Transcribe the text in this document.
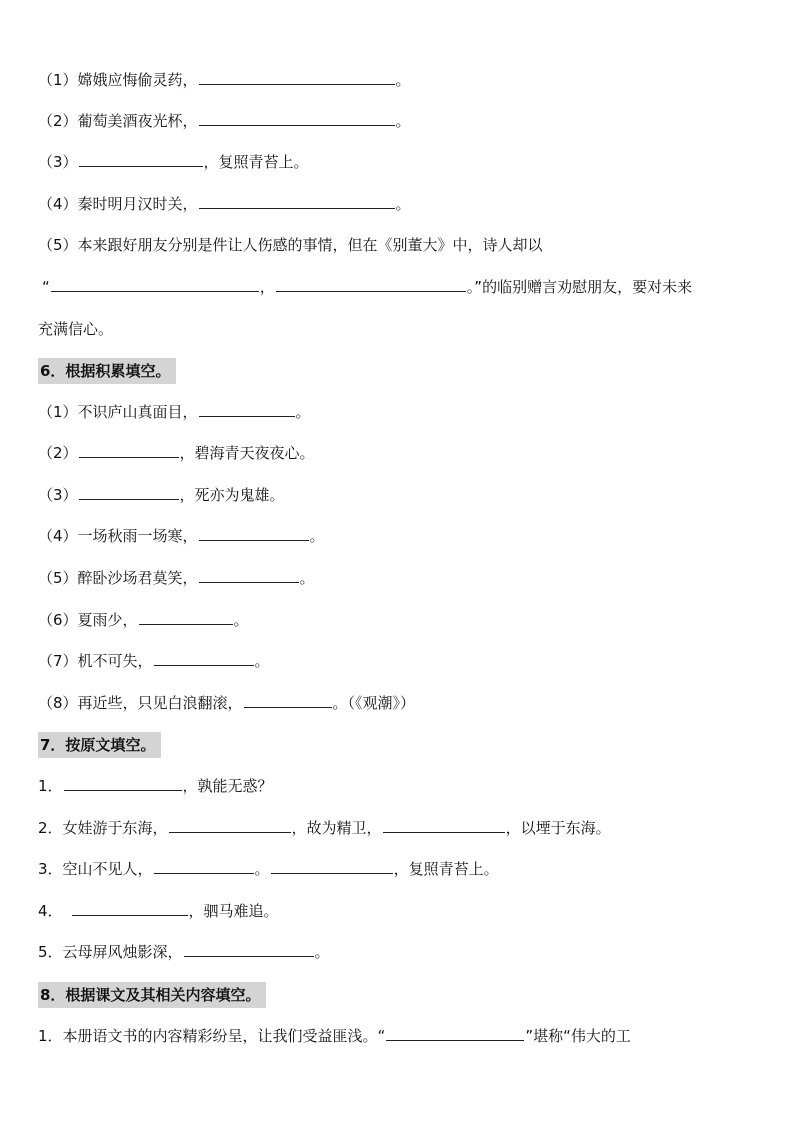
（1）嫦娥应悔偷灵药，	。
（2）葡萄美酒夜光杯，	。
（3）	，复照青苔上。
（4）秦时明月汉时关，	。
（5）本来跟好朋友分别是件让人伤感的事情，但在《别董大》中，诗人却以
“	，	。”的临别赠言劝慰朋友，要对未来
充满信心。
6．根据积累填空。
（1）不识庐山真面目，	。
（2）	，碧海青天夜夜心。
（3）	，死亦为鬼雄。
（4）一场秋雨一场寒，	。
（5）醉卧沙场君莫笑，	。
（6）夏雨少，	。
（7）机不可失，	。
（8）再近些，只见白浪翻滚，	。（《观潮》）
7．按原文填空。
1．	，孰能无惑？
2．女娃游于东海，	，故为精卫，	，以堙于东海。
3．空山不见人，	。	，复照青苔上。
4．	，驷马难追。
5．云母屏风烛影深，	。
8．根据课文及其相关内容填空。
1．本册语文书的内容精彩纷呈，让我们受益匪浅。“	”堪称“伟大的工
